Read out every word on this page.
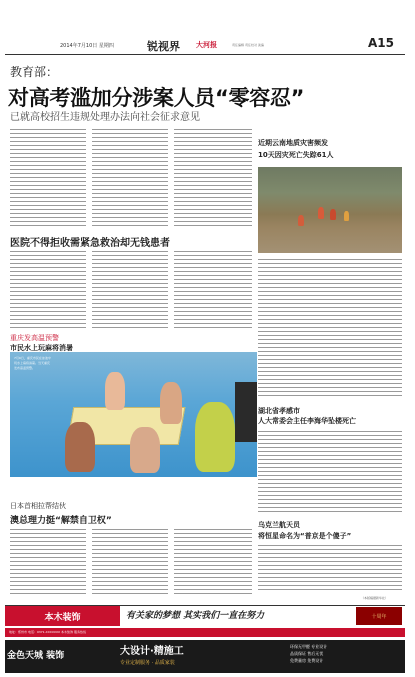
2014年7月10日 星期四	锐视界 大河报	责任编辑 责任校对 美编	A15
教育部：
对高考滥加分涉案人员“零容忍”
已就高校招生违规处理办法向社会征求意见
近期云南地质灾害频发
10天因灾死亡失踪61人
医院不得拒收需紧急救治却无钱患者
重庆发高温预警
市民水上玩麻将消暑
7月9日，重庆市民在泳池中玩水上麻将消暑。当天重庆发布高温预警。
湖北省孝感市
人大常委会主任李海华坠楼死亡
乌克兰航天员
将恒星命名为“普京是个傻子”
（本版稿据新华社）
日本首相拉帮结伙
澳总理力挺“解禁自卫权”
本木装饰	有关家的梦想 其实我们一直在努力	十周年
地址：郑州市 电话：0371-XXXXXXX 本木装饰 服务热线
金色天城 装饰	大设计·精施工
专业定制服务 · 品质家装
环保无甲醛 专业设计
品质保证 售后无忧
免费量房 免费设计
